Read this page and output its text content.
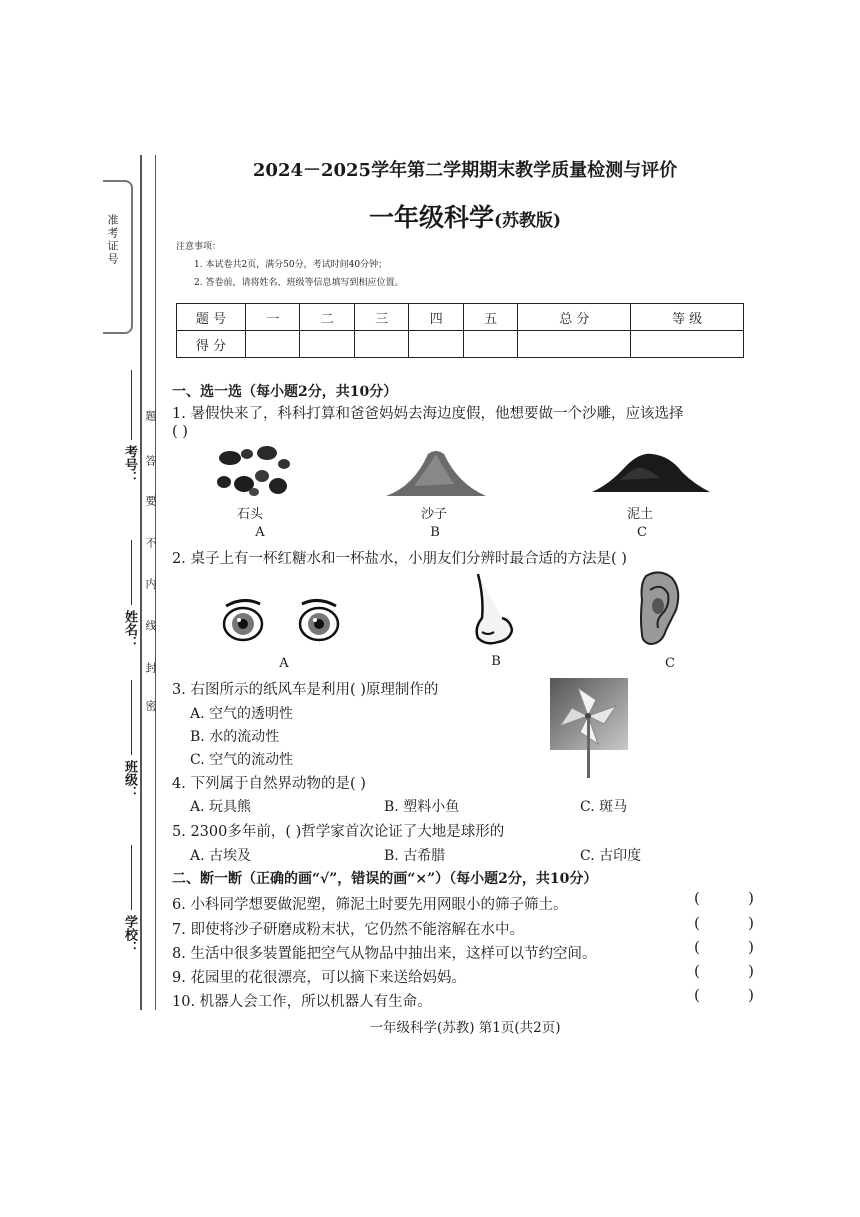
准考证号
考号：
姓名：
班级：
学校：
题
答
要
不
内
线
封
密
2024－2025学年第二学期期末教学质量检测与评价
一年级科学(苏教版)
注意事项：
1. 本试卷共2页，满分50分，考试时间40分钟；
2. 答卷前，请将姓名、班级等信息填写到相应位置。
题 号	一	二	三	四	五	总 分	等 级
得 分							
一、选一选（每小题2分，共10分）
1. 暑假快来了，科科打算和爸爸妈妈去海边度假，他想要做一个沙雕，应该选择
( )
石头	沙子	泥土
A	B	C
2. 桌子上有一杯红糖水和一杯盐水，小朋友们分辨时最合适的方法是( )
A	B	C
3. 右图所示的纸风车是利用( )原理制作的
A. 空气的透明性
B. 水的流动性
C. 空气的流动性
4. 下列属于自然界动物的是( )
A. 玩具熊	B. 塑料小鱼	C. 斑马
5. 2300多年前，( )哲学家首次论证了大地是球形的
A. 古埃及	B. 古希腊	C. 古印度
二、断一断（正确的画“√”，错误的画“×”）（每小题2分，共10分）
6. 小科同学想要做泥塑，筛泥土时要先用网眼小的筛子筛土。	(	)
7. 即使将沙子研磨成粉末状，它仍然不能溶解在水中。	(	)
8. 生活中很多装置能把空气从物品中抽出来，这样可以节约空间。	(	)
9. 花园里的花很漂亮，可以摘下来送给妈妈。	(	)
10. 机器人会工作，所以机器人有生命。	(	)
一年级科学(苏教) 第1页(共2页)
